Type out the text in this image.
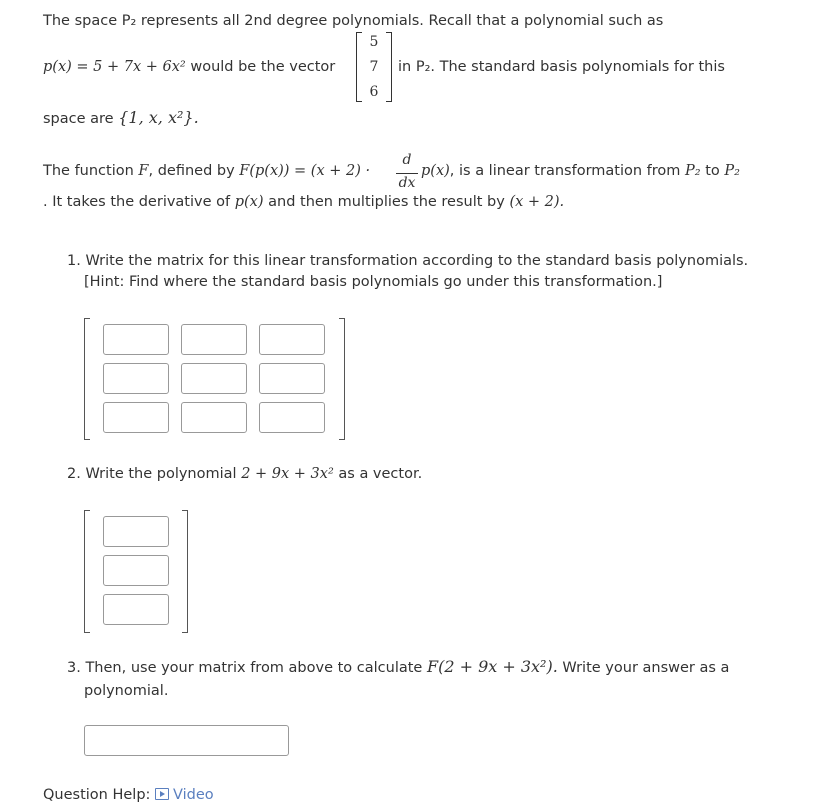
The space P₂ represents all 2nd degree polynomials. Recall that a polynomial such as
p(x) = 5 + 7x + 6x² would be the vector
5
7
6
in P₂. The standard basis polynomials for this
space are {1, x, x²}.
The function F, defined by F(p(x)) = (x + 2) ·
d
dx
p(x), is a linear transformation from P₂ to P₂
. It takes the derivative of p(x) and then multiplies the result by (x + 2).
1. Write the matrix for this linear transformation according to the standard basis polynomials.
[Hint: Find where the standard basis polynomials go under this transformation.]
2. Write the polynomial 2 + 9x + 3x² as a vector.
3. Then, use your matrix from above to calculate F(2 + 9x + 3x²). Write your answer as a
polynomial.
Question Help: Video
